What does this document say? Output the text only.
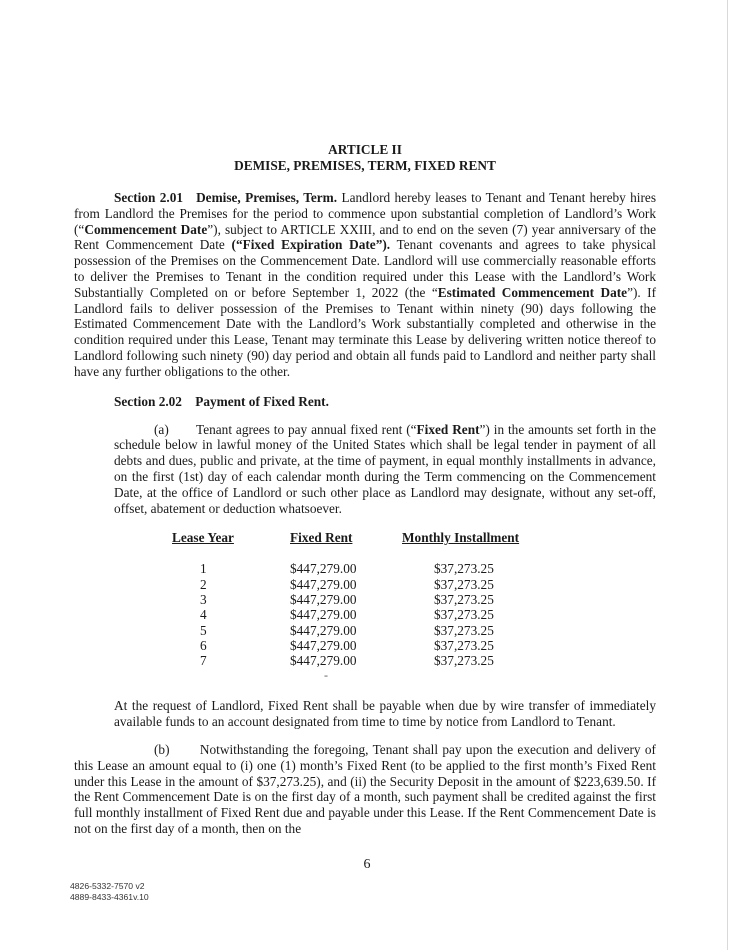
ARTICLE II
DEMISE, PREMISES, TERM, FIXED RENT

Section 2.01 Demise, Premises, Term. Landlord hereby leases to Tenant and Tenant hereby hires from Landlord the Premises for the period to commence upon substantial completion of Landlord’s Work (“Commencement Date”), subject to ARTICLE XXIII, and to end on the seven (7) year anniversary of the Rent Commencement Date (“Fixed Expiration Date”). Tenant covenants and agrees to take physical possession of the Premises on the Commencement Date. Landlord will use commercially reasonable efforts to deliver the Premises to Tenant in the condition required under this Lease with the Landlord’s Work Substantially Completed on or before September 1, 2022 (the “Estimated Commencement Date”). If Landlord fails to deliver possession of the Premises to Tenant within ninety (90) days following the Estimated Commencement Date with the Landlord’s Work substantially completed and otherwise in the condition required under this Lease, Tenant may terminate this Lease by delivering written notice thereof to Landlord following such ninety (90) day period and obtain all funds paid to Landlord and neither party shall have any further obligations to the other.

Section 2.02    Payment of Fixed Rent.

(a) Tenant agrees to pay annual fixed rent (“Fixed Rent”) in the amounts set forth in the schedule below in lawful money of the United States which shall be legal tender in payment of all debts and dues, public and private, at the time of payment, in equal monthly installments in advance, on the first (1st) day of each calendar month during the Term commencing on the Commencement Date, at the office of Landlord or such other place as Landlord may designate, without any set-off, offset, abatement or deduction whatsoever.

Lease Year	Fixed Rent	Monthly Installment
1	$447,279.00	$37,273.25
2	$447,279.00	$37,273.25
3	$447,279.00	$37,273.25
4	$447,279.00	$37,273.25
5	$447,279.00	$37,273.25
6	$447,279.00	$37,273.25
7	$447,279.00	$37,273.25
-

At the request of Landlord, Fixed Rent shall be payable when due by wire transfer of immediately available funds to an account designated from time to time by notice from Landlord to Tenant.

(b) Notwithstanding the foregoing, Tenant shall pay upon the execution and delivery of this Lease an amount equal to (i) one (1) month’s Fixed Rent (to be applied to the first month’s Fixed Rent under this Lease in the amount of $37,273.25), and (ii) the Security Deposit in the amount of $223,639.50. If the Rent Commencement Date is on the first day of a month, such payment shall be credited against the first full monthly installment of Fixed Rent due and payable under this Lease. If the Rent Commencement Date is not on the first day of a month, then on the

6
4826-5332-7570 v2
4889-8433-4361v.10
